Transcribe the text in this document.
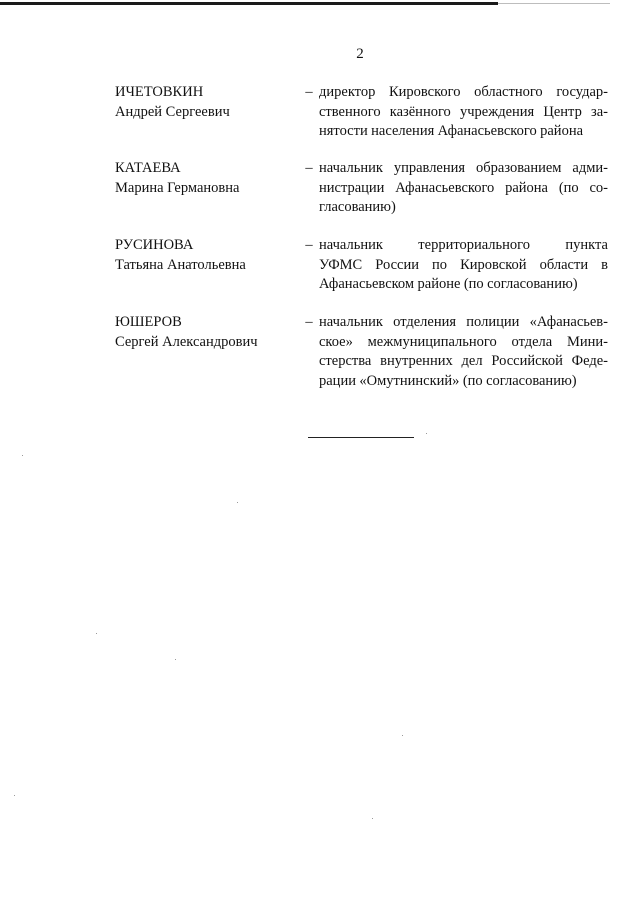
2
ИЧЕТОВКИН
Андрей Сергеевич
– директор Кировского областного государ-
ственного казённого учреждения Центр за-
нятости населения Афанасьевского района
КАТАЕВА
Марина Германовна
– начальник управления образованием адми-
нистрации Афанасьевского района (по со-
гласованию)
РУСИНОВА
Татьяна Анатольевна
– начальник территориального пункта
УФМС России по Кировской области в
Афанасьевском районе (по согласованию)
ЮШЕРОВ
Сергей Александрович
– начальник отделения полиции «Афанасьев-
ское» межмуниципального отдела Мини-
стерства внутренних дел Российской Феде-
рации «Омутнинский» (по согласованию)
